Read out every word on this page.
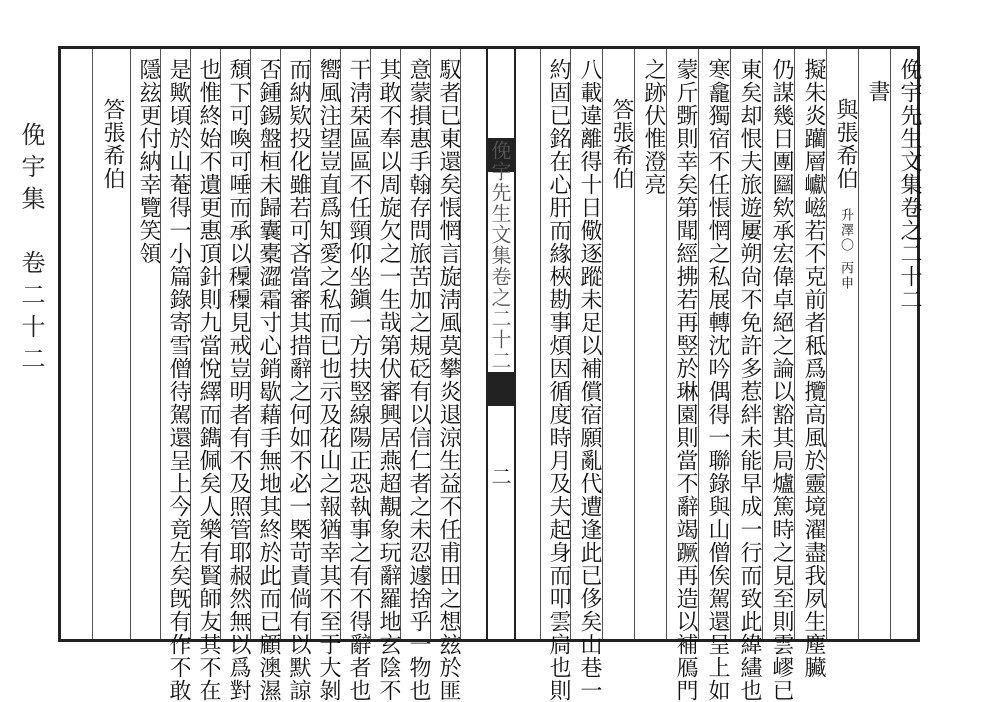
俛宇先生文集卷之二十二
二
俛宇先生文集卷之二十二
書
與張希伯 升澤〇 丙申
擬朱炎躪層巘嵫若不克前者秪爲攬高風於靈境濯盡我夙生塵臟
仍謀幾日團圝欸承宏偉卓絕之論以豁其局爐篤時之見至則雲嵺已
東矣却恨夫旅遊屢朔尙不免許多惹絆未能早成一行而致此緯繣也
寒龕獨宿不任悵惘之私展轉沈吟偶得一聯錄與山僧俟駕還呈上如
蒙斤斲則幸矣第聞經拂若再竪於琳園則當不辭竭蹶再造以補鴈門
之跡伏惟澄亮
答張希伯
八載違離得十日儆逐蹤未足以補償宿願亂代遭逢此已侈矣山巷一
約固已銘在心肝而緣梜勘事煩因循度時月及夫起身而叩雲扃也則
馭者已東還矣悵惘言旋淸風莫攀炎退涼生益不任甫田之想玆於匪
意蒙損惠手翰存問旅苦加之規砭有以信仁者之未忍遽捨乎一物也
其敢不奉以周旋欠之一生哉第伏審興居燕超覯象玩辭羅地玄陰不
干淸栞區區不任頸仰坐鎭一方扶竪線陽正恐執事之有不得辭者也
嚮風注望豈直爲知愛之私而已也示及花山之報猶幸其不至于大剝
而納欵投化雖若可吝當審其措辭之何如不必一槩苛責倘有以默諒
否鍾錫盤桓未歸囊橐澀霜寸心銷歇藉手無地其終於此而已顧澳濕
頹下可喚可唾而承以𥣝𥣝見戒豈明者有不及照管耶赧然無以爲對
也惟終始不遺更惠頂針則九當悅繹而鐫佩矣人樂有賢師友其不在
是歟頃於山菴得一小篇錄寄雪僧待駕還呈上今竟左矣旣有作不敢
隱玆更付納幸覽笑領
答張希伯
俛宇集　卷二十二
